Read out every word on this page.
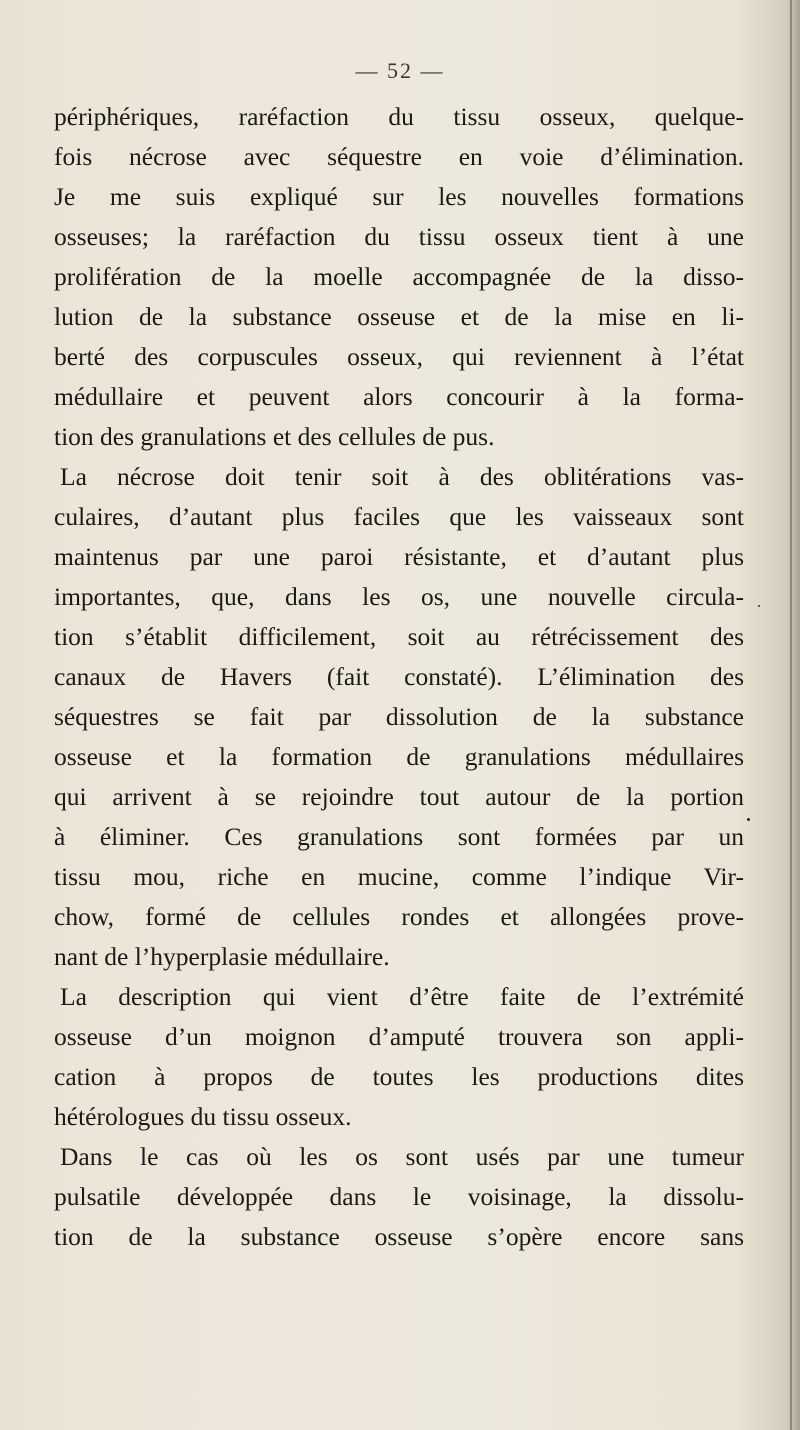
— 52 —
périphériques, raréfaction du tissu osseux, quelque-
fois nécrose avec séquestre en voie d’élimination.
Je me suis expliqué sur les nouvelles formations
osseuses; la raréfaction du tissu osseux tient à une
prolifération de la moelle accompagnée de la disso-
lution de la substance osseuse et de la mise en li-
berté des corpuscules osseux, qui reviennent à l’état
médullaire et peuvent alors concourir à la forma-
tion des granulations et des cellules de pus.
La nécrose doit tenir soit à des oblitérations vas-
culaires, d’autant plus faciles que les vaisseaux sont
maintenus par une paroi résistante, et d’autant plus
importantes, que, dans les os, une nouvelle circula-
tion s’établit difficilement, soit au rétrécissement des
canaux de Havers (fait constaté). L’élimination des
séquestres se fait par dissolution de la substance
osseuse et la formation de granulations médullaires
qui arrivent à se rejoindre tout autour de la portion
à éliminer. Ces granulations sont formées par un
tissu mou, riche en mucine, comme l’indique Vir-
chow, formé de cellules rondes et allongées prove-
nant de l’hyperplasie médullaire.
La description qui vient d’être faite de l’extrémité
osseuse d’un moignon d’amputé trouvera son appli-
cation à propos de toutes les productions dites
hétérologues du tissu osseux.
Dans le cas où les os sont usés par une tumeur
pulsatile développée dans le voisinage, la dissolu-
tion de la substance osseuse s’opère encore sans
